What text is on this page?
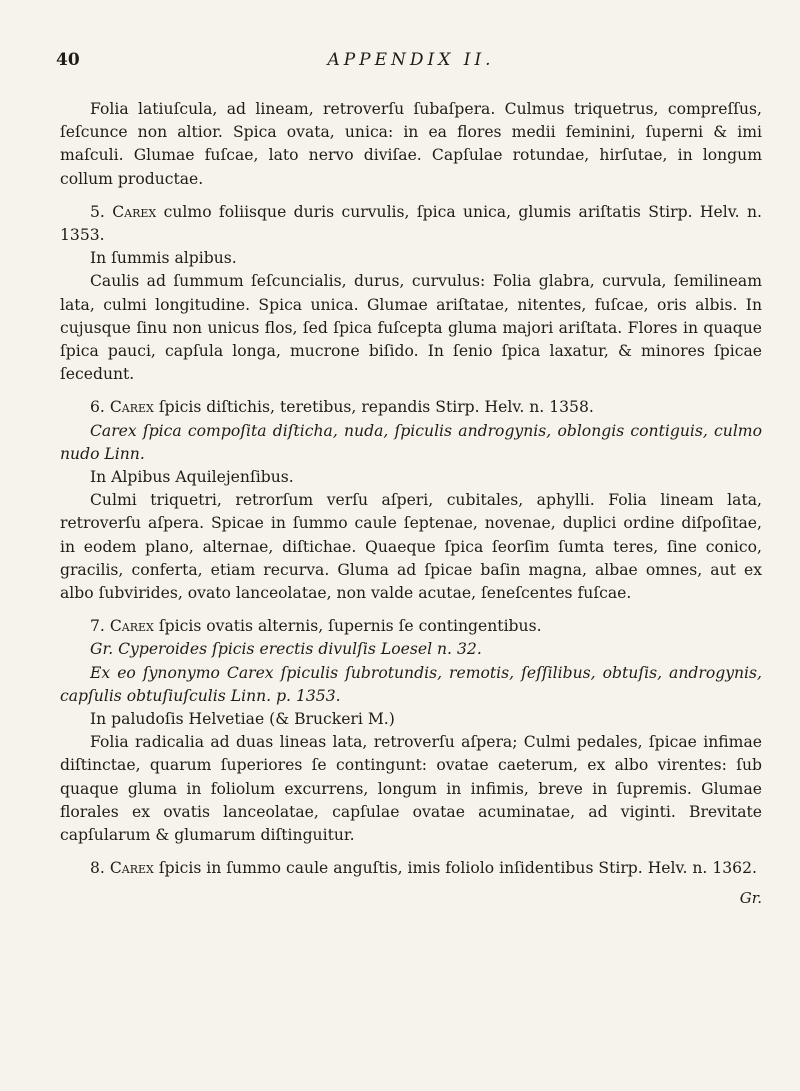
40	APPENDIX II.

Folia latiuſcula, ad lineam, retroverſu ſubaſpera. Culmus triquetrus, compreſſus, ſeſcunce non altior. Spica ovata, unica: in ea flores medii feminini, ſuperni & imi maſculi. Glumae fuſcae, lato nervo diviſae. Capſulae rotundae, hirſutae, in longum collum productae.

5. Carex culmo foliisque duris curvulis, ſpica unica, glumis ariſtatis Stirp. Helv. n. 1353.

In ſummis alpibus.

Caulis ad ſummum ſeſcuncialis, durus, curvulus: Folia glabra, curvula, ſemilineam lata, culmi longitudine. Spica unica. Glumae ariſtatae, nitentes, fuſcae, oris albis. In cujusque ſinu non unicus flos, ſed ſpica fuſcepta gluma majori ariſtata. Flores in quaque ſpica pauci, capſula longa, mucrone biſido. In ſenio ſpica laxatur, & minores ſpicae ſecedunt.

6. Carex ſpicis diſtichis, teretibus, repandis Stirp. Helv. n. 1358.

Carex ſpica compoſita diſticha, nuda, ſpiculis androgynis, oblongis contiguis, culmo nudo Linn.

In Alpibus Aquilejenſibus.

Culmi triquetri, retrorſum verſu aſperi, cubitales, aphylli. Folia lineam lata, retroverſu aſpera. Spicae in ſummo caule ſeptenae, novenae, duplici ordine diſpoſitae, in eodem plano, alternae, diſtichae. Quaeque ſpica ſeorſim ſumta teres, ſine conico, gracilis, conferta, etiam recurva. Gluma ad ſpicae baſin magna, albae omnes, aut ex albo ſubvirides, ovato lanceolatae, non valde acutae, ſeneſcentes fuſcae.

7. Carex ſpicis ovatis alternis, ſupernis ſe contingentibus.

Gr. Cyperoides ſpicis erectis divulſis Loesel n. 32.

Ex eo ſynonymo Carex ſpiculis ſubrotundis, remotis, ſeſſilibus, obtuſis, androgynis, capſulis obtuſiuſculis Linn. p. 1353.

In paludoſis Helvetiae (& Bruckeri M.)

Folia radicalia ad duas lineas lata, retroverſu aſpera; Culmi pedales, ſpicae infimae diſtinctae, quarum ſuperiores ſe contingunt: ovatae caeterum, ex albo virentes: ſub quaque gluma in foliolum excurrens, longum in infimis, breve in ſupremis. Glumae florales ex ovatis lanceolatae, capſulae ovatae acuminatae, ad viginti. Brevitate capſularum & glumarum diſtinguitur.

8. Carex ſpicis in ſummo caule anguſtis, imis foliolo inſidentibus Stirp. Helv. n. 1362.

Gr.
